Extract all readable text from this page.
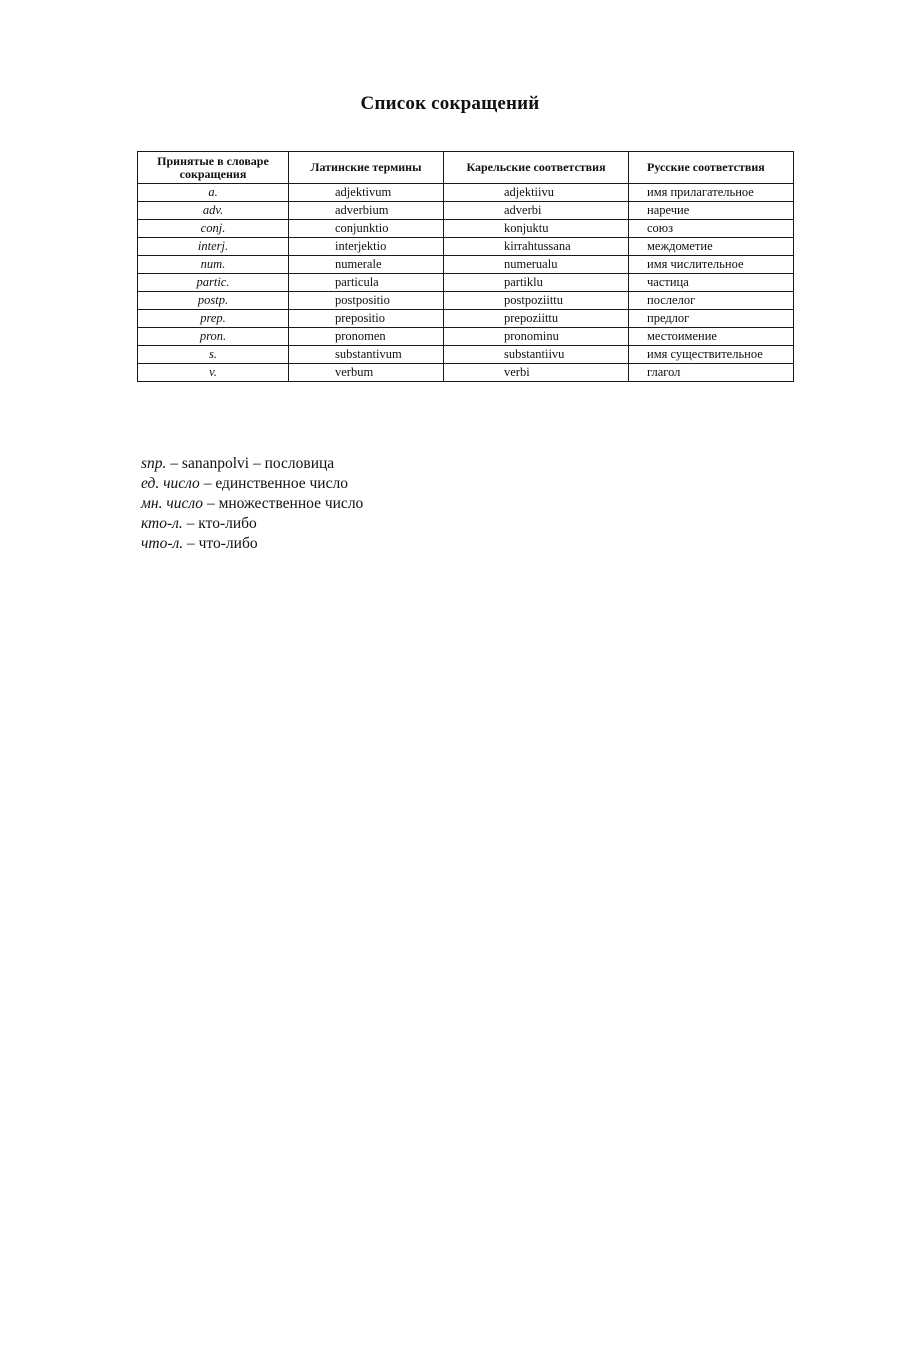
Список сокращений
Принятые в словаре сокращения	Латинские термины	Карельские соответствия	Русские соответствия
a.	adjektivum	adjektiivu	имя прилагательное
adv.	adverbium	adverbi	наречие
conj.	conjunktio	konjuktu	союз
interj.	interjektio	kirrahtussana	междометие
num.	numerale	numerualu	имя числительное
partic.	particula	partiklu	частица
postp.	postpositio	postpoziittu	послелог
prep.	prepositio	prepoziittu	предлог
pron.	pronomen	pronominu	местоимение
s.	substantivum	substantiivu	имя существительное
v.	verbum	verbi	глагол
snp. – sananpolvi – пословица
ед. число – единственное число
мн. число – множественное число
кто-л. – кто-либо
что-л. – что-либо
